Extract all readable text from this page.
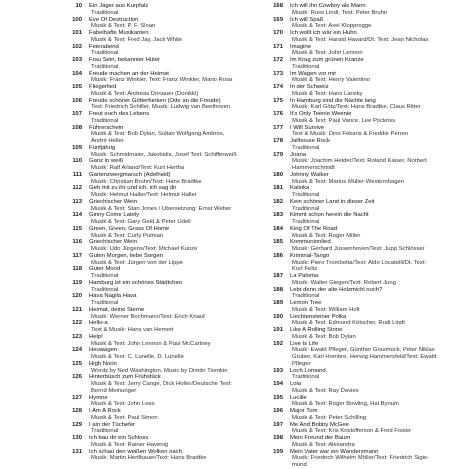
10	Ein Jäger aus Kurpfalz
Traditional
100	Eve Of Destruction
Musik & Text: P. F. Sloan
101	Fabelhafte Musikanten
Musik & Text: Fred Jay, Jack White
102	Feierabend
Traditional
103	Frau Sein, bekannter Hüter
Traditional
104	Freude machen an der Heimat
Musik: Franz Winkler, Text: Franz Winkler, Mario Rosa
105	Fliegerlied
Musik & Text: Andreas Donauer (Donikkl)
106	Freude schöner Götterfunken (Ode an die Freude)
Text: Friedrich Schiller, Musik: Ludwig van Beethoven
107	Freut euch des Lebens
Traditional
108	Führerschein
Musik & Text: Bob Dylan, Sultan Wolfgang Ambros,
André Heller
109	Fünfjährig
Musik: Schmidmaier, Jakobidis, Josef Text: Schifferweiß
110	Ganz in weiß
Musik: Ralf Arland/Text: Kurt Hertha
111	Gartenzwergmarsch (Adelheid)
Musik: Christian Bruhn/Text: Hans Bradtke
112	Geh mit zu ihr und ich, ich sag dir
Musik: Helmut Haller/Text: Helmut Haller
113	Griechischer Wein
Musik & Text: Stan Jones / Übersetzung: Ernst Weber
114	Ginny Come Lately
Musik & Text: Gary Geld & Peter Udell
115	Green, Green, Grass Of Home
Musik & Text: Curly Putman
116	Griechischer Wein
Musik: Udo Jürgens/Text: Michael Kunze
117	Guten Morgen, liebe Sorgen
Musik & Text: Jürgen von der Lippe
118	Guter Mond
Traditional
119	Hamburg ist ein schönes Städtchen
Traditional
120	Hava Nagila Hava
Traditional
121	Heimat, deine Sterne
Musik: Werner Bochmann/Text: Erich Knauf
122	Hello-a
Text & Musik: Hans van Hemert
123	Help!
Musik & Text: John Lennon & Paul McCartney
124	Heuwagen
Musik & Text: C. Lunelle, D. Lunelle
125	High Noon
Words by Ned Washington, Music by Dimitri Tiomkin
126	Hinterbüsch zum Frühstück
Musik & Text: Jerry Cange, Dick Holler/Deutsche Text:
Bernd Meinunger
127	Hymne
Musik & Text: John Lees
128	I Am A Rock
Musik & Text: Paul Simon
129	I ain der Tüchefer
Traditional
130	Ich bau dir ein Schloss
Musik & Text: Rainer Havenig
131	Ich schau den weißen Wolken nach
Musik: Martin Hertlbauer/Text: Hans Bradtke
168	Ich will ihn Cowboy als Mann
Musik: Russ Lindt, Text: Peter Bruhn
169	Ich will Spaß
Musik & Text: Axel Klopprogge
170	Ich wollt ich wär ein Huhn
Musik & Text: Harald Havard/Dt. Text: Jean Nicholas
171	Imagine
Musik & Text: John Lennon
172	Im Krug zum grünen Kranze
Traditional
173	Im Wagen vor mir
Musik & Text: Henry Valentino
174	In der Schweiz
Musik & Text: Hans Lansky
175	In Hamburg sind die Nächte lang
Musik: Karl Götz/Text: Hans Bradtke, Claus Ritter
176	It's Only Teenie Weenie
Musik & Text: Paul Vance, Lee Pockriss
177	I Will Survive
Text & Musik: Dino Fekaris & Freddie Perren
178	Jailhouse Rock
Traditional
179	Joana
Musik: Joachim Heider/Text: Roland Kaiser, Norbert
Hammerschmidt
180	Johnny Walker
Musik & Text: Marius Müller-Westernhagen
181	Kalinka
Traditional
182	Kein schöner Land in dieser Zeit
Traditional
183	Kimmt schon herein die Nacht
Traditional
184	King Of The Road
Musik & Text: Roger Miller
185	Kommunionlied
Musik: Gerhard Jussenhoven/Text: Jupp Schlösser
186	Kriminal-Tango
Musik: Piero Trombetta/Text: Aldo Locatelli/Dt. Text:
Kurt Feltz
187	La Paloma
Musik: Walter Giegen/Text: Robert Jung
188	Lebt denn der alte Holzmichl noch?
Traditional
189	Lemon Tree
Musik & Text: William Holt
190	Liechtensteiner Polka
Musik & Text: Edmund Kötscher, Rudi Lindt
191	Like A Rolling Stone
Musik & Text: Bob Dylan
192	Live Is Life
Musik: Ewald Pfleger, Günther Grasmück, Peter Niklas
Gruber, Karl Hombre, Herwig Hammersfeld/Text: Ewald
Pfleger
193	Loch Lomond
Traditional
194	Lola
Musik & Text: Ray Davies
195	Lucille
Musik & Text: Roger Bowling, Hal Bynum
196	Major Tom
Musik & Text: Peter Schilling
197	Me And Bobby McGee
Musik & Text: Kris Kristofferson & Fred Foster
198	Mein Freund der Baum
Musik & Text: Alexandra
199	Mein Vater war ein Wandersmann
Musik: Friedrich Wilhelm Möller/Text: Friedrich Sigis-
mund
